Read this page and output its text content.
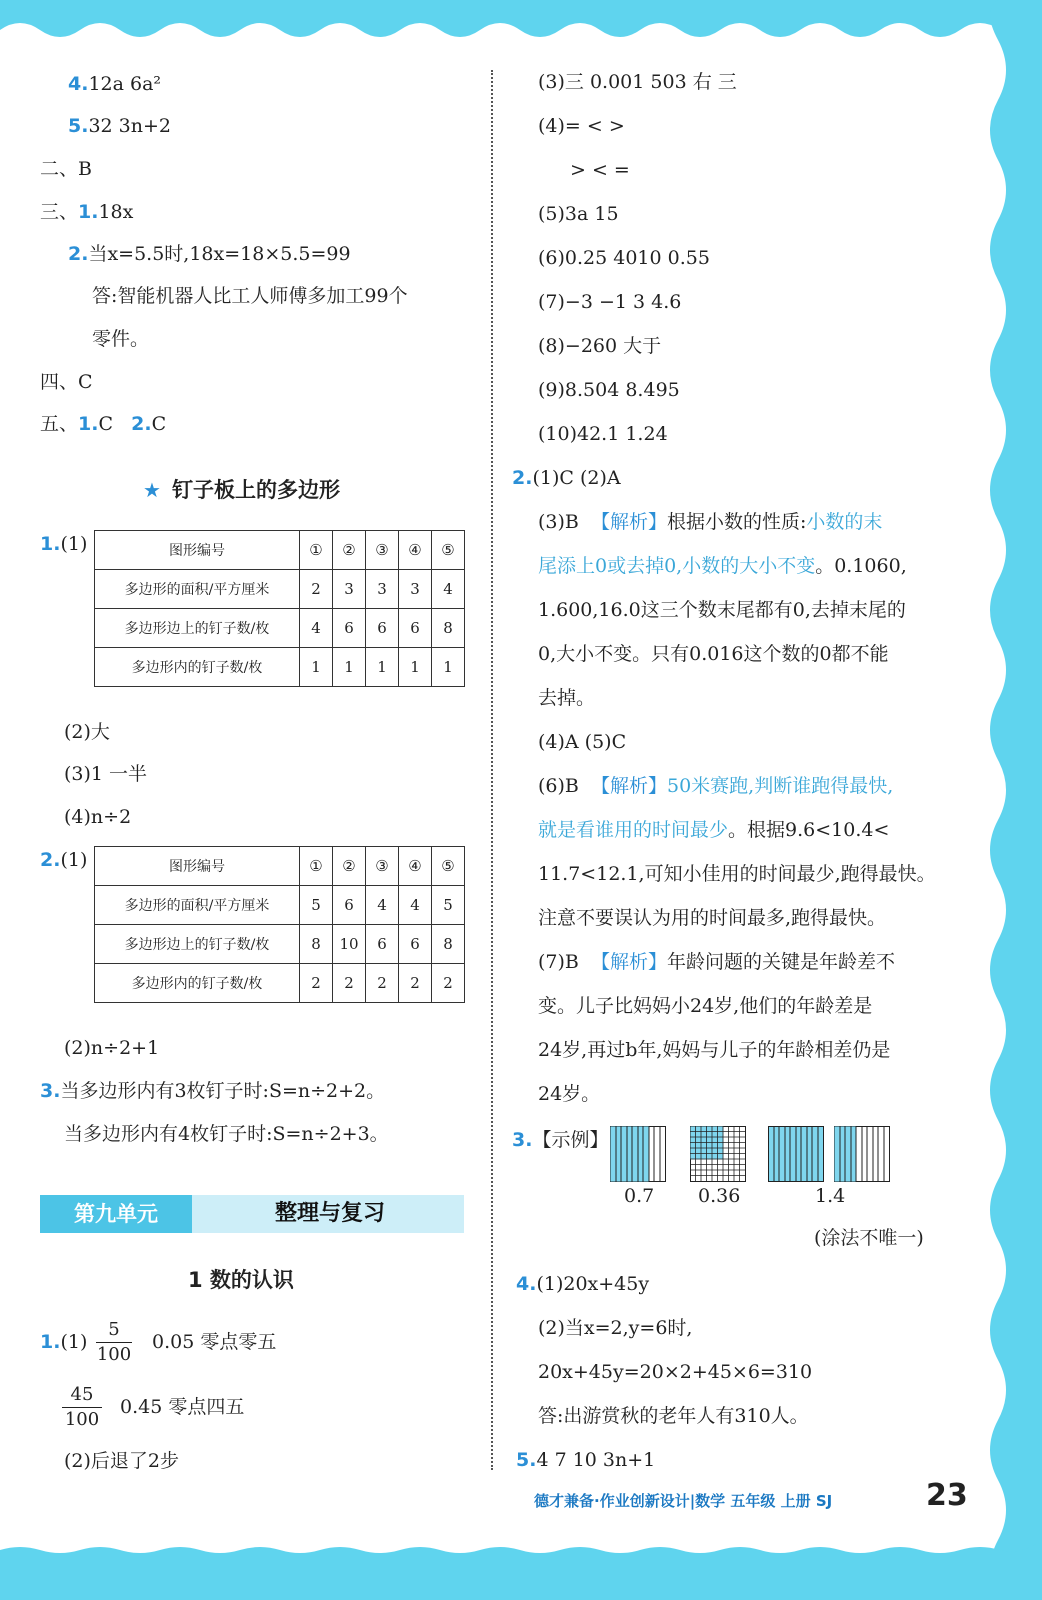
4.12a 6a²
5.32 3n+2
二、B
三、1.18x
2.当x=5.5时,18x=18×5.5=99
答:智能机器人比工人师傅多加工99个
零件。
四、C
五、1.C 2.C
★ 钉子板上的多边形
1.(1)	图形编号	①	②	③	④	⑤
多边形的面积/平方厘米	2	3	3	3	4
多边形边上的钉子数/枚	4	6	6	6	8
多边形内的钉子数/枚	1	1	1	1	1
(2)大
(3)1 一半
(4)n÷2
2.(1)	图形编号	①	②	③	④	⑤
多边形的面积/平方厘米	5	6	4	4	5
多边形边上的钉子数/枚	8	10	6	6	8
多边形内的钉子数/枚	2	2	2	2	2
(2)n÷2+1
3.当多边形内有3枚钉子时:S=n÷2+2。
当多边形内有4枚钉子时:S=n÷2+3。
第九单元	整理与复习
1 数的认识
$1.(1) \frac{5}{100} 0.05$ 零点零五
$\frac{45}{100} 0.45$ 零点四五
(2)后退了2步
(3)三 0.001 503 右 三
(4)= < >
> < =
(5)3a 15
(6)0.25 4010 0.55
(7)−3 −1 3 4.6
(8)−260 大于
(9)8.504 8.495
(10)42.1 1.24
2.(1)C (2)A
(3)B 【解析】根据小数的性质:小数的末
尾添上0或去掉0,小数的大小不变。0.1060,
1.600,16.0这三个数末尾都有0,去掉末尾的
0,大小不变。只有0.016这个数的0都不能
去掉。
(4)A (5)C
(6)B 【解析】50米赛跑,判断谁跑得最快,
就是看谁用的时间最少。根据9.6<10.4<
11.7<12.1,可知小佳用的时间最少,跑得最快。
注意不要误认为用的时间最多,跑得最快。
(7)B 【解析】年龄问题的关键是年龄差不
变。儿子比妈妈小24岁,他们的年龄差是
24岁,再过b年,妈妈与儿子的年龄相差仍是
24岁。
3.【示例】
0.7 0.36	1.4
(涂法不唯一)
4.(1)20x+45y
(2)当x=2,y=6时,
20x+45y=20×2+45×6=310
答:出游赏秋的老年人有310人。
5.4 7 10 3n+1
德才兼备·作业创新设计|数学 五年级 上册 SJ	23
